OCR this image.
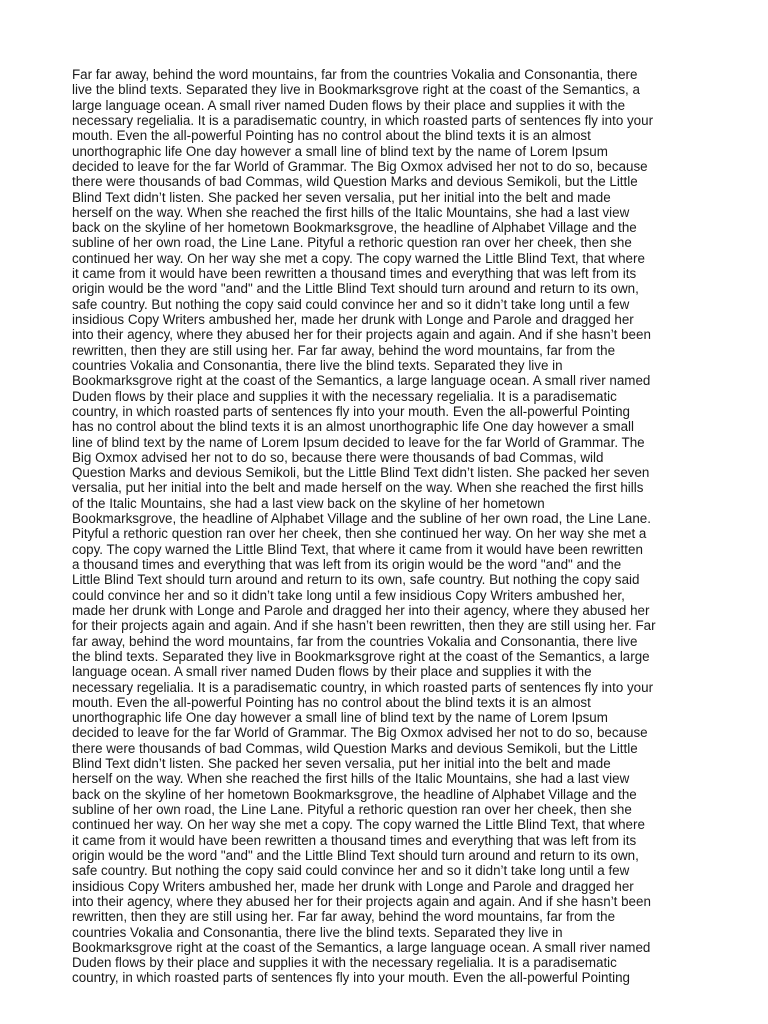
Far far away, behind the word mountains, far from the countries Vokalia and Consonantia, there
live the blind texts. Separated they live in Bookmarksgrove right at the coast of the Semantics, a
large language ocean. A small river named Duden flows by their place and supplies it with the
necessary regelialia. It is a paradisematic country, in which roasted parts of sentences fly into your
mouth. Even the all-powerful Pointing has no control about the blind texts it is an almost
unorthographic life One day however a small line of blind text by the name of Lorem Ipsum
decided to leave for the far World of Grammar. The Big Oxmox advised her not to do so, because
there were thousands of bad Commas, wild Question Marks and devious Semikoli, but the Little
Blind Text didn’t listen. She packed her seven versalia, put her initial into the belt and made
herself on the way. When she reached the first hills of the Italic Mountains, she had a last view
back on the skyline of her hometown Bookmarksgrove, the headline of Alphabet Village and the
subline of her own road, the Line Lane. Pityful a rethoric question ran over her cheek, then she
continued her way. On her way she met a copy. The copy warned the Little Blind Text, that where
it came from it would have been rewritten a thousand times and everything that was left from its
origin would be the word "and" and the Little Blind Text should turn around and return to its own,
safe country. But nothing the copy said could convince her and so it didn’t take long until a few
insidious Copy Writers ambushed her, made her drunk with Longe and Parole and dragged her
into their agency, where they abused her for their projects again and again. And if she hasn’t been
rewritten, then they are still using her. Far far away, behind the word mountains, far from the
countries Vokalia and Consonantia, there live the blind texts. Separated they live in
Bookmarksgrove right at the coast of the Semantics, a large language ocean. A small river named
Duden flows by their place and supplies it with the necessary regelialia. It is a paradisematic
country, in which roasted parts of sentences fly into your mouth. Even the all-powerful Pointing
has no control about the blind texts it is an almost unorthographic life One day however a small
line of blind text by the name of Lorem Ipsum decided to leave for the far World of Grammar. The
Big Oxmox advised her not to do so, because there were thousands of bad Commas, wild
Question Marks and devious Semikoli, but the Little Blind Text didn’t listen. She packed her seven
versalia, put her initial into the belt and made herself on the way. When she reached the first hills
of the Italic Mountains, she had a last view back on the skyline of her hometown
Bookmarksgrove, the headline of Alphabet Village and the subline of her own road, the Line Lane.
Pityful a rethoric question ran over her cheek, then she continued her way. On her way she met a
copy. The copy warned the Little Blind Text, that where it came from it would have been rewritten
a thousand times and everything that was left from its origin would be the word "and" and the
Little Blind Text should turn around and return to its own, safe country. But nothing the copy said
could convince her and so it didn’t take long until a few insidious Copy Writers ambushed her,
made her drunk with Longe and Parole and dragged her into their agency, where they abused her
for their projects again and again. And if she hasn’t been rewritten, then they are still using her. Far
far away, behind the word mountains, far from the countries Vokalia and Consonantia, there live
the blind texts. Separated they live in Bookmarksgrove right at the coast of the Semantics, a large
language ocean. A small river named Duden flows by their place and supplies it with the
necessary regelialia. It is a paradisematic country, in which roasted parts of sentences fly into your
mouth. Even the all-powerful Pointing has no control about the blind texts it is an almost
unorthographic life One day however a small line of blind text by the name of Lorem Ipsum
decided to leave for the far World of Grammar. The Big Oxmox advised her not to do so, because
there were thousands of bad Commas, wild Question Marks and devious Semikoli, but the Little
Blind Text didn’t listen. She packed her seven versalia, put her initial into the belt and made
herself on the way. When she reached the first hills of the Italic Mountains, she had a last view
back on the skyline of her hometown Bookmarksgrove, the headline of Alphabet Village and the
subline of her own road, the Line Lane. Pityful a rethoric question ran over her cheek, then she
continued her way. On her way she met a copy. The copy warned the Little Blind Text, that where
it came from it would have been rewritten a thousand times and everything that was left from its
origin would be the word "and" and the Little Blind Text should turn around and return to its own,
safe country. But nothing the copy said could convince her and so it didn’t take long until a few
insidious Copy Writers ambushed her, made her drunk with Longe and Parole and dragged her
into their agency, where they abused her for their projects again and again. And if she hasn’t been
rewritten, then they are still using her. Far far away, behind the word mountains, far from the
countries Vokalia and Consonantia, there live the blind texts. Separated they live in
Bookmarksgrove right at the coast of the Semantics, a large language ocean. A small river named
Duden flows by their place and supplies it with the necessary regelialia. It is a paradisematic
country, in which roasted parts of sentences fly into your mouth. Even the all-powerful Pointing
